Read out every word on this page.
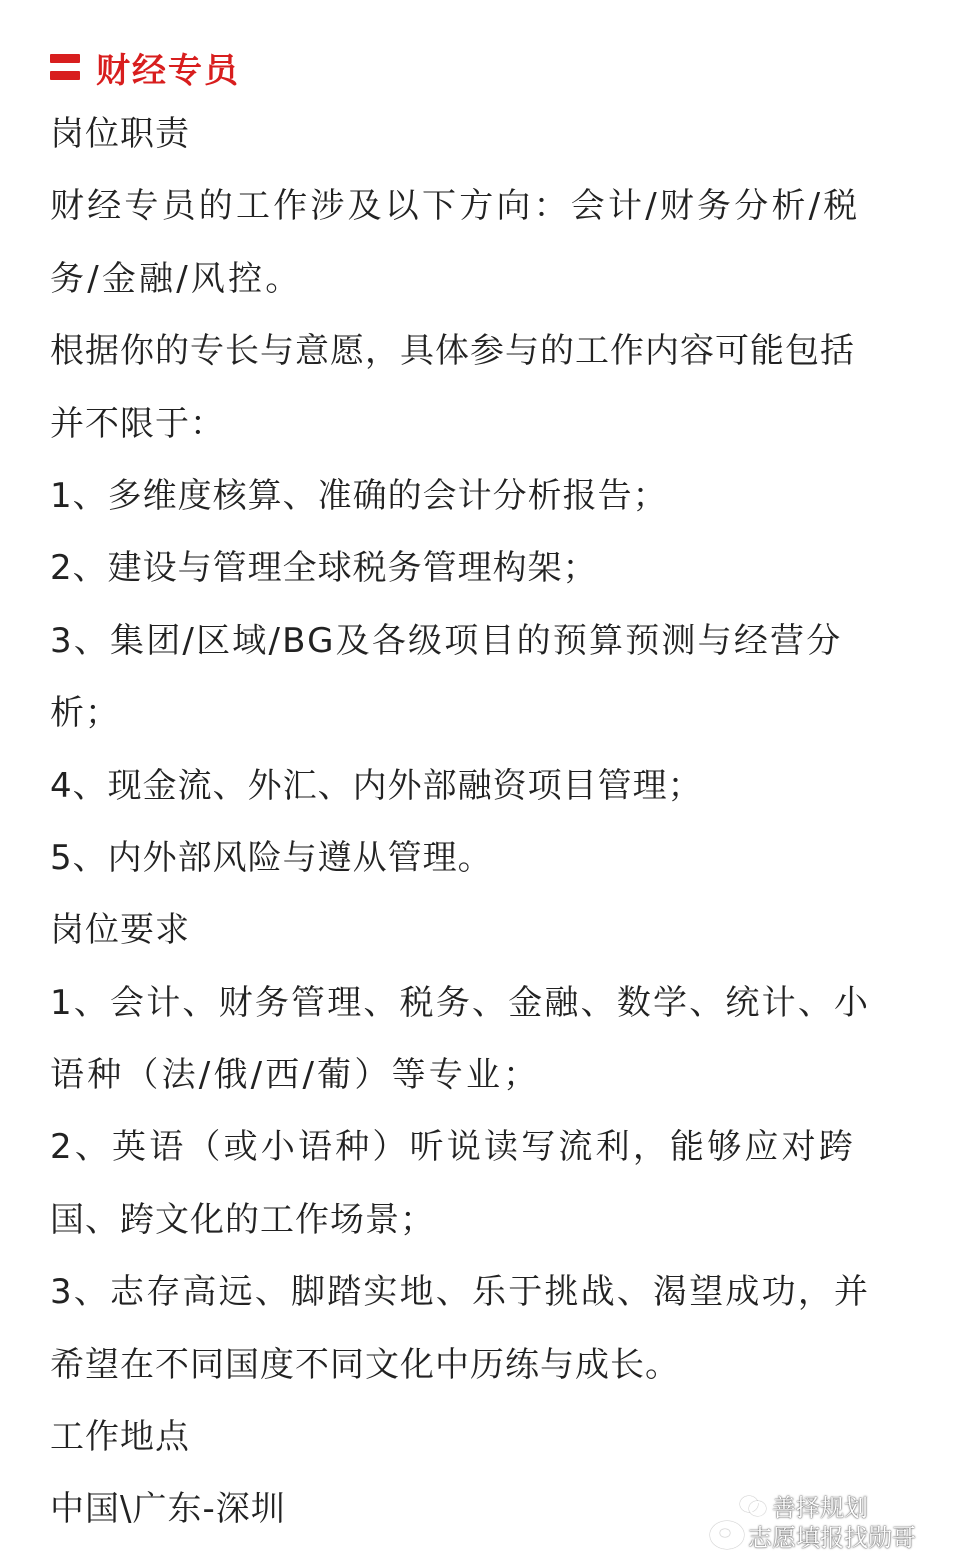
财经专员
岗位职责
财经专员的工作涉及以下方向：会计/财务分析/税
务/金融/风控。
根据你的专长与意愿，具体参与的工作内容可能包括
并不限于：
1、多维度核算、准确的会计分析报告；
2、建设与管理全球税务管理构架；
3、集团/区域/BG及各级项目的预算预测与经营分
析；
4、现金流、外汇、内外部融资项目管理；
5、内外部风险与遵从管理。
岗位要求
1、会计、财务管理、税务、金融、数学、统计、小
语种（法/俄/西/葡）等专业；
2、英语（或小语种）听说读写流利，能够应对跨
国、跨文化的工作场景；
3、志存高远、脚踏实地、乐于挑战、渴望成功，并
希望在不同国度不同文化中历练与成长。
工作地点
中国\广东-深圳	善择规划
志愿填报找勋哥
